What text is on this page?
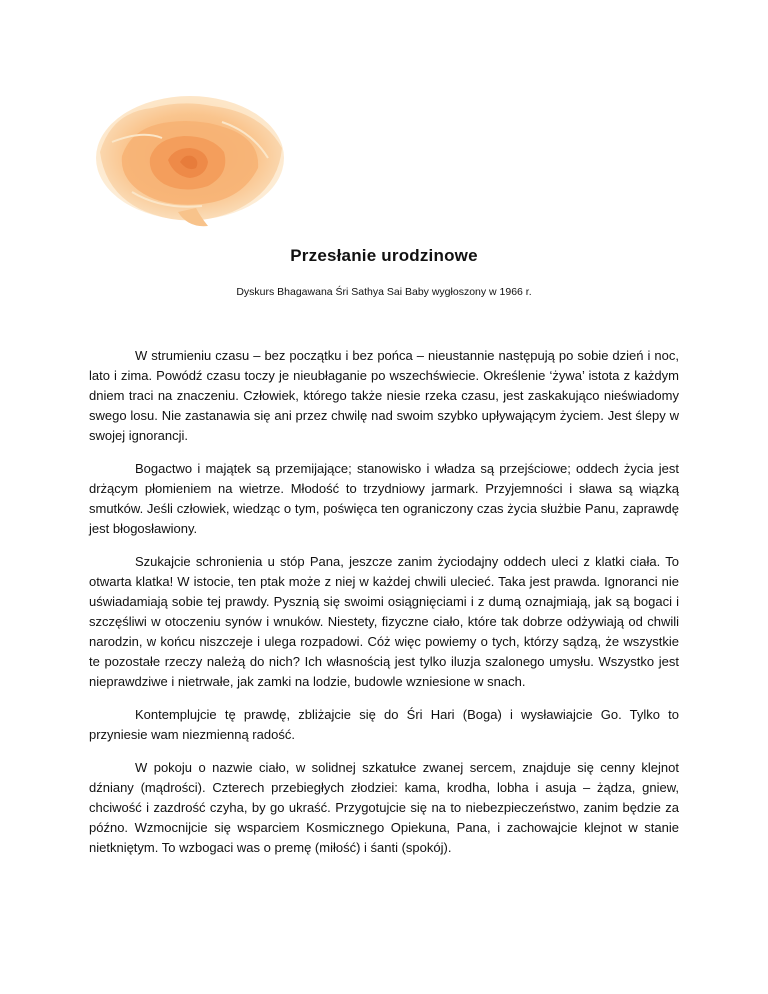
Przesłanie urodzinowe
Dyskurs Bhagawana Śri Sathya Sai Baby wygłoszony w 1966 r.

W strumieniu czasu – bez początku i bez pońca – nieustannie następują po sobie dzień i noc, lato i zima. Powódź czasu toczy je nieubłaganie po wszechświecie. Określenie ‘żywa’ istota z każdym dniem traci na znaczeniu. Człowiek, którego także niesie rzeka czasu, jest zaskakująco nieświadomy swego losu. Nie zastanawia się ani przez chwilę nad swoim szybko upływającym życiem. Jest ślepy w swojej ignorancji.

Bogactwo i majątek są przemijające; stanowisko i władza są przejściowe; oddech życia jest drżącym płomieniem na wietrze. Młodość to trzydniowy jarmark. Przyjemności i sława są wiązką smutków. Jeśli człowiek, wiedząc o tym, poświęca ten ograniczony czas życia służbie Panu, zaprawdę jest błogosławiony.

Szukajcie schronienia u stóp Pana, jeszcze zanim życiodajny oddech uleci z klatki ciała. To otwarta klatka! W istocie, ten ptak może z niej w każdej chwili ulecieć. Taka jest prawda. Ignoranci nie uświadamiają sobie tej prawdy. Pysznią się swoimi osiągnięciami i z dumą oznajmiają, jak są bogaci i szczęśliwi w otoczeniu synów i wnuków. Niestety, fizyczne ciało, które tak dobrze odżywiają od chwili narodzin, w końcu niszczeje i ulega rozpadowi. Cóż więc powiemy o tych, którzy sądzą, że wszystkie te pozostałe rzeczy należą do nich? Ich własnością jest tylko iluzja szalonego umysłu. Wszystko jest nieprawdziwe i nietrwałe, jak zamki na lodzie, budowle wzniesione w snach.

Kontemplujcie tę prawdę, zbliżajcie się do Śri Hari (Boga) i wysławiajcie Go. Tylko to przyniesie wam niezmienną radość.

W pokoju o nazwie ciało, w solidnej szkatułce zwanej sercem, znajduje się cenny klejnot dźniany (mądrości). Czterech przebiegłych złodziei: kama, krodha, lobha i asuja – żądza, gniew, chciwość i zazdrość czyha, by go ukraść. Przygotujcie się na to niebezpieczeństwo, zanim będzie za późno. Wzmocnijcie się wsparciem Kosmicznego Opiekuna, Pana, i zachowajcie klejnot w stanie nietkniętym. To wzbogaci was o premę (miłość) i śanti (spokój).
